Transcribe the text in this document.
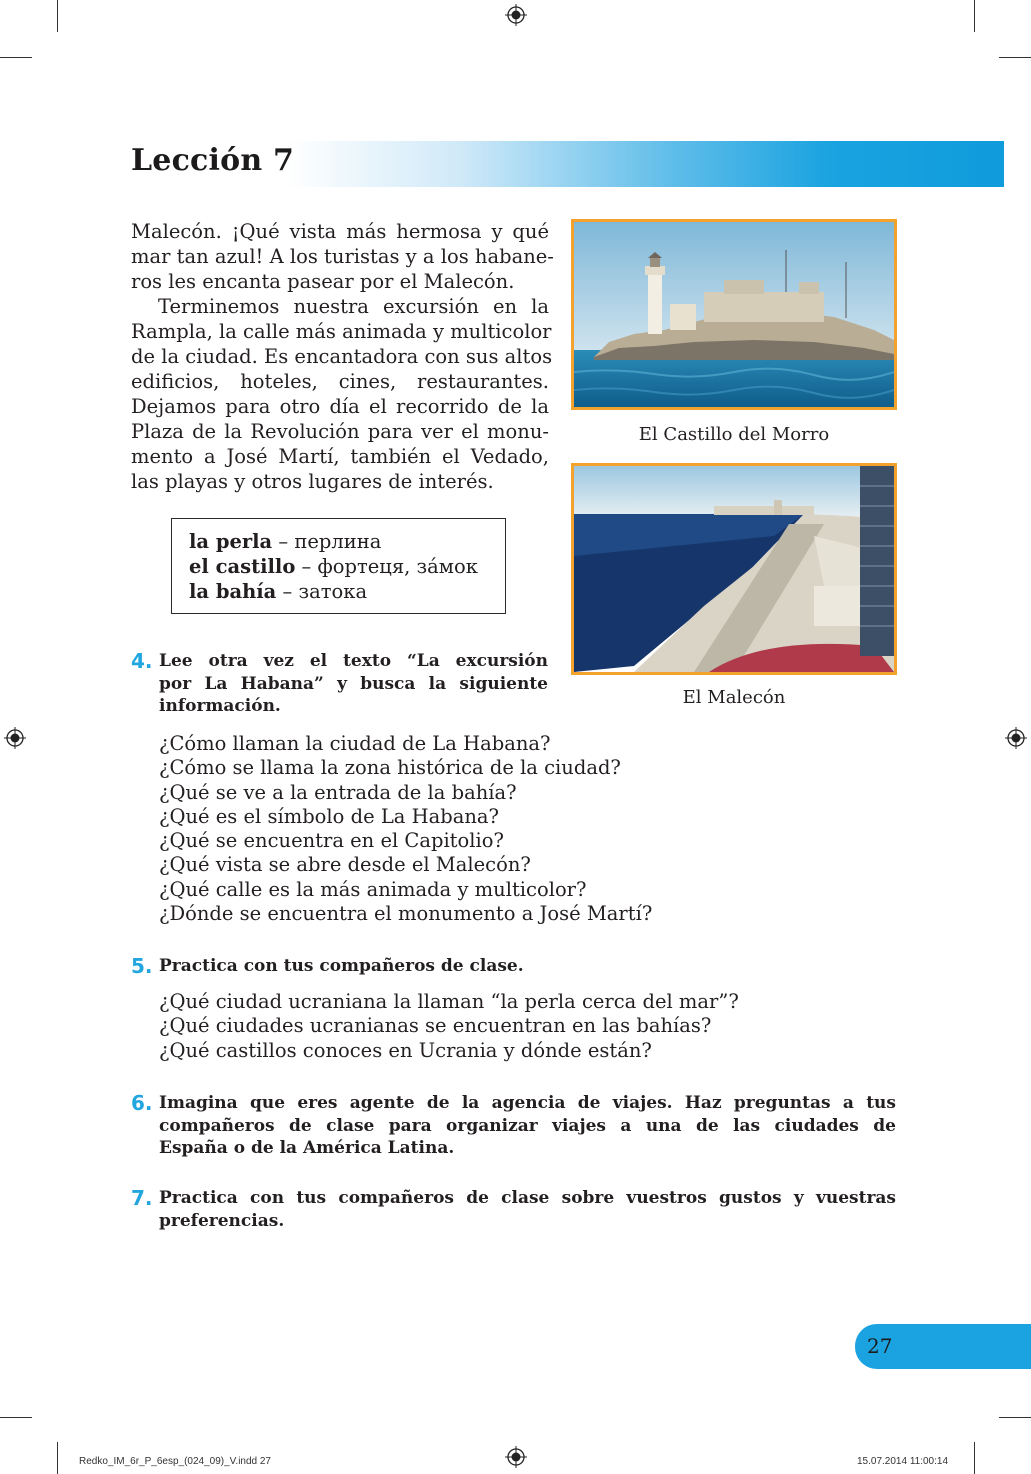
Lección 7
Malecón. ¡Qué vista más hermosa y qué
mar tan azul! A los turistas y a los habane-
ros les encanta pasear por el Malecón.
Terminemos nuestra excursión en la
Rampla, la calle más animada y multicolor
de la ciudad. Es encantadora con sus altos
edificios, hoteles, cines, restaurantes.
Dejamos para otro día el recorrido de la
Plaza de la Revolución para ver el monu-
mento a José Martí, también el Vedado,
las playas y otros lugares de interés.
la perla – перлина
el castillo – фортеця, зáмок
la bahía – затока
El Castillo del Morro
El Malecón
4. Lee otra vez el texto “La excursión
por La Habana” y busca la siguiente
información.
¿Cómo llaman la ciudad de La Habana?
¿Cómo se llama la zona histórica de la ciudad?
¿Qué se ve a la entrada de la bahía?
¿Qué es el símbolo de La Habana?
¿Qué se encuentra en el Capitolio?
¿Qué vista se abre desde el Malecón?
¿Qué calle es la más animada y multicolor?
¿Dónde se encuentra el monumento a José Martí?
5. Practica con tus compañeros de clase.
¿Qué ciudad ucraniana la llaman “la perla cerca del mar”?
¿Qué ciudades ucranianas se encuentran en las bahías?
¿Qué castillos conoces en Ucrania y dónde están?
6. Imagina que eres agente de la agencia de viajes. Haz preguntas a tus
compañeros de clase para organizar viajes a una de las ciudades de
España o de la América Latina.
7. Practica con tus compañeros de clase sobre vuestros gustos y vuestras
preferencias.
27
Redko_IM_6r_P_6esp_(024_09)_V.indd 27	15.07.2014 11:00:14
